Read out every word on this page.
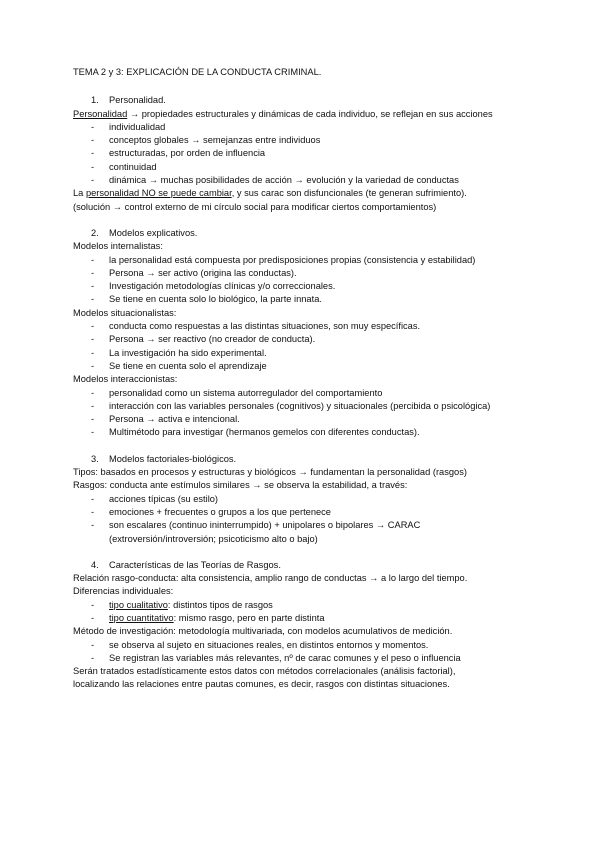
TEMA 2 y 3: EXPLICACIÓN DE LA CONDUCTA CRIMINAL.
1. Personalidad.
Personalidad → propiedades estructurales y dinámicas de cada individuo, se reflejan en sus acciones
- individualidad
- conceptos globales → semejanzas entre individuos
- estructuradas, por orden de influencia
- continuidad
- dinámica → muchas posibilidades de acción → evolución y la variedad de conductas
La personalidad NO se puede cambiar, y sus carac son disfuncionales (te generan sufrimiento).
(solución → control externo de mi círculo social para modificar ciertos comportamientos)
2. Modelos explicativos.
Modelos internalistas:
- la personalidad está compuesta por predisposiciones propias (consistencia y estabilidad)
- Persona → ser activo (origina las conductas).
- Investigación metodologías clínicas y/o correccionales.
- Se tiene en cuenta solo lo biológico, la parte innata.
Modelos situacionalistas:
- conducta como respuestas a las distintas situaciones, son muy específicas.
- Persona → ser reactivo (no creador de conducta).
- La investigación ha sido experimental.
- Se tiene en cuenta solo el aprendizaje
Modelos interaccionistas:
- personalidad como un sistema autorregulador del comportamiento
- interacción con las variables personales (cognitivos) y situacionales (percibida o psicológica)
- Persona → activa e intencional.
- Multimétodo para investigar (hermanos gemelos con diferentes conductas).
3. Modelos factoriales-biológicos.
Tipos: basados en procesos y estructuras y biológicos → fundamentan la personalidad (rasgos)
Rasgos: conducta ante estímulos similares → se observa la estabilidad, a través:
- acciones típicas (su estilo)
- emociones + frecuentes o grupos a los que pertenece
- son escalares (continuo ininterrumpido) + unipolares o bipolares → CARAC
(extroversión/introversión; psicoticismo alto o bajo)
4. Características de las Teorías de Rasgos.
Relación rasgo-conducta: alta consistencia, amplio rango de conductas → a lo largo del tiempo.
Diferencias individuales:
- tipo cualitativo: distintos tipos de rasgos
- tipo cuantitativo: mismo rasgo, pero en parte distinta
Método de investigación: metodología multivariada, con modelos acumulativos de medición.
- se observa al sujeto en situaciones reales, en distintos entornos y momentos.
- Se registran las variables más relevantes, nº de carac comunes y el peso o influencia
Serán tratados estadísticamente estos datos con métodos correlacionales (análisis factorial),
localizando las relaciones entre pautas comunes, es decir, rasgos con distintas situaciones.
